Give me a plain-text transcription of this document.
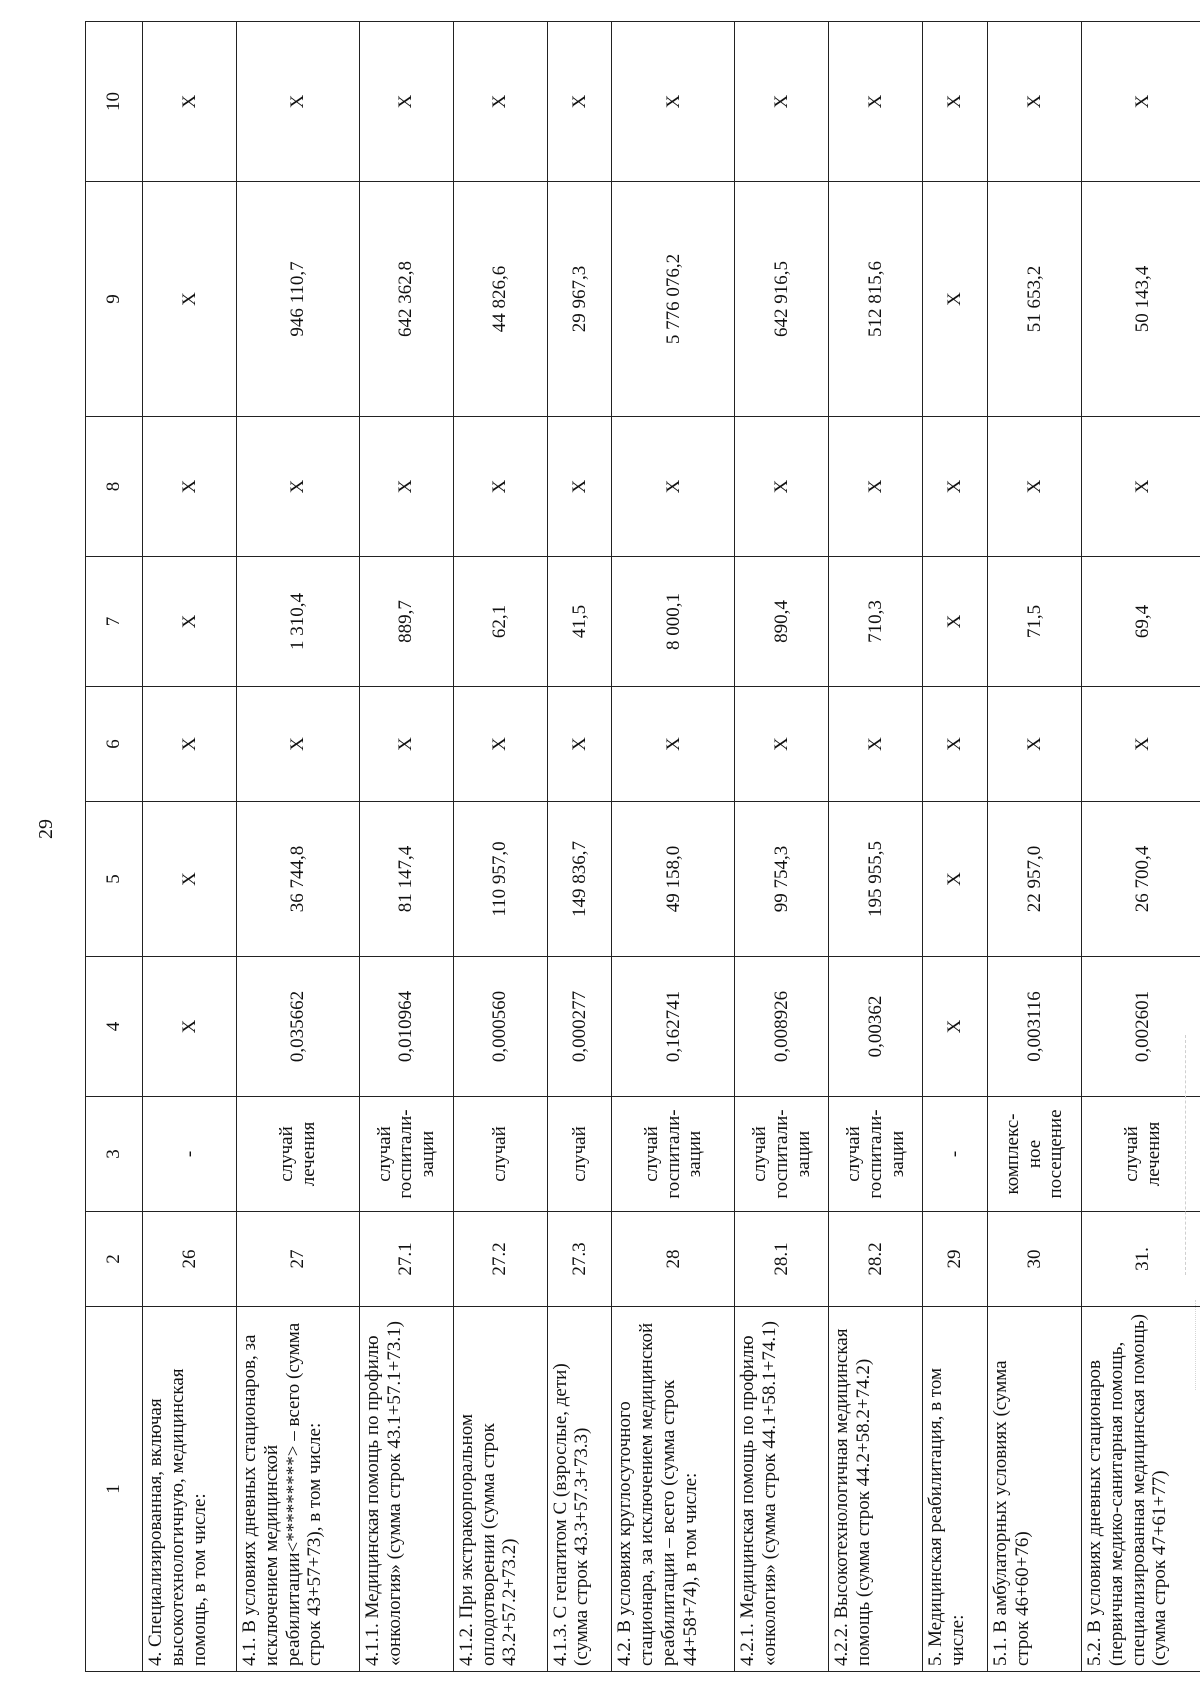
29
1	2	3	4	5	6	7	8	9	10
4. Специализированная, включая высокотехнологичную, медицинская помощь, в том числе:	26	-	X	X	X	X	X	X	X
4.1. В условиях дневных стационаров, за исключением медицинской реабилитации<*********> – всего (сумма строк 43+57+73), в том числе:	27	случай лечения	0,035662	36 744,8	X	1 310,4	X	946 110,7	X
4.1.1. Медицинская помощь по профилю «онкология» (сумма строк 43.1+57.1+73.1)	27.1	случай госпитали-зации	0,010964	81 147,4	X	889,7	X	642 362,8	X
4.1.2. При экстракорпоральном оплодотворении (сумма строк 43.2+57.2+73.2)	27.2	случай	0,000560	110 957,0	X	62,1	X	44 826,6	X
4.1.3. С гепатитом С (взрослые, дети) (сумма строк 43.3+57.3+73.3)	27.3	случай	0,000277	149 836,7	X	41,5	X	29 967,3	X
4.2. В условиях круглосуточного стационара, за исключением медицинской реабилитации – всего (сумма строк 44+58+74), в том числе:	28	случай госпитали-зации	0,162741	49 158,0	X	8 000,1	X	5 776 076,2	X
4.2.1. Медицинская помощь по профилю «онкология» (сумма строк 44.1+58.1+74.1)	28.1	случай госпитали-зации	0,008926	99 754,3	X	890,4	X	642 916,5	X
4.2.2. Высокотехнологичная медицинская помощь (сумма строк 44.2+58.2+74.2)	28.2	случай госпитали-зации	0,00362	195 955,5	X	710,3	X	512 815,6	X
5. Медицинская реабилитация, в том числе:	29	-	X	X	X	X	X	X	X
5.1. В амбулаторных условиях (сумма строк 46+60+76)	30	комплекс-ное посещение	0,003116	22 957,0	X	71,5	X	51 653,2	X
5.2. В условиях дневных стационаров (первичная медико-санитарная помощь, специализированная медицинская помощь) (сумма строк 47+61+77)	31.	случай лечения	0,002601	26 700,4	X	69,4	X	50 143,4	X
